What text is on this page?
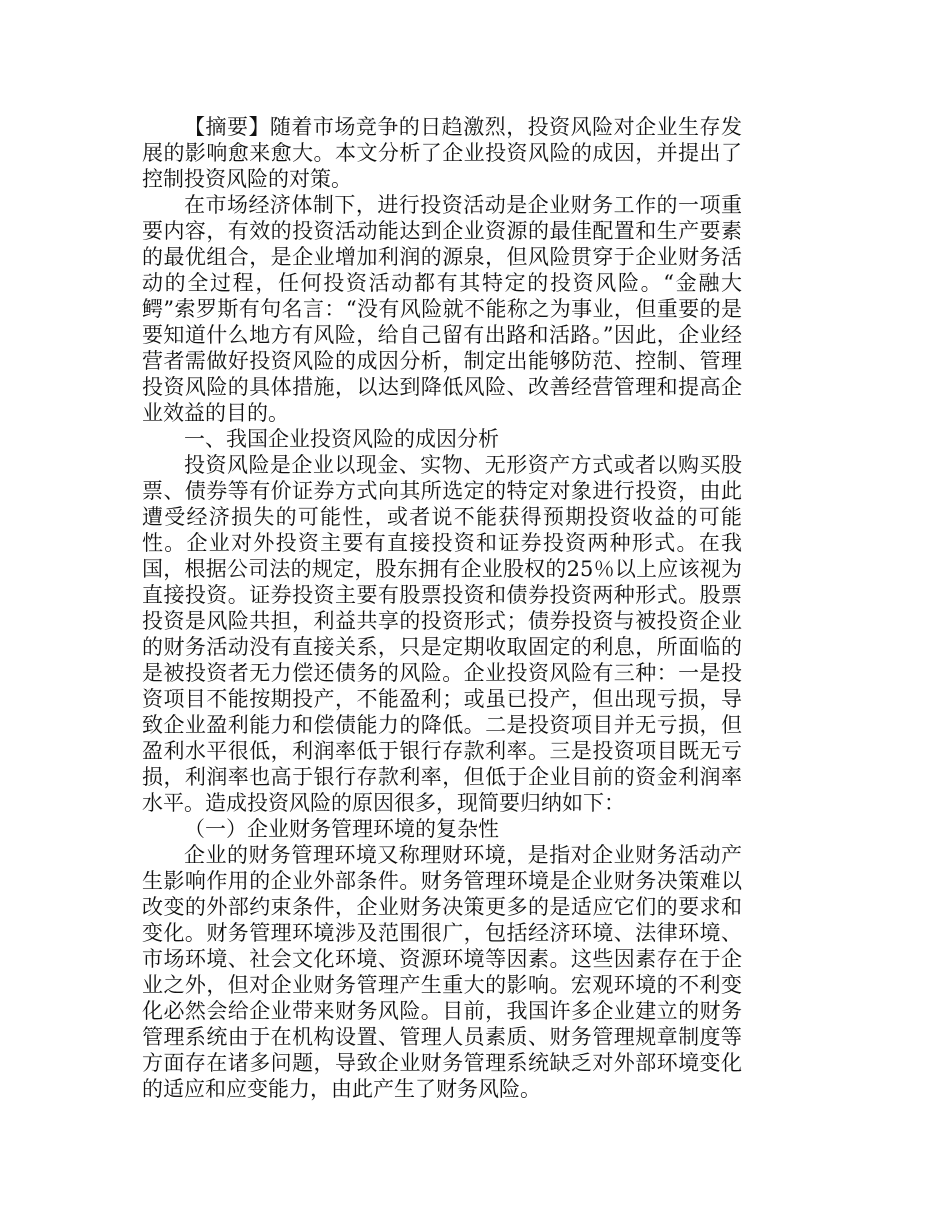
【摘要】随着市场竞争的日趋激烈，投资风险对企业生存发展的影响愈来愈大。本文分析了企业投资风险的成因，并提出了控制投资风险的对策。

在市场经济体制下，进行投资活动是企业财务工作的一项重要内容，有效的投资活动能达到企业资源的最佳配置和生产要素的最优组合，是企业增加利润的源泉，但风险贯穿于企业财务活动的全过程，任何投资活动都有其特定的投资风险。“金融大鳄”索罗斯有句名言：“没有风险就不能称之为事业，但重要的是要知道什么地方有风险，给自己留有出路和活路。”因此，企业经营者需做好投资风险的成因分析，制定出能够防范、控制、管理投资风险的具体措施，以达到降低风险、改善经营管理和提高企业效益的目的。

一、我国企业投资风险的成因分析

投资风险是企业以现金、实物、无形资产方式或者以购买股票、债券等有价证券方式向其所选定的特定对象进行投资，由此遭受经济损失的可能性，或者说不能获得预期投资收益的可能性。企业对外投资主要有直接投资和证券投资两种形式。在我国，根据公司法的规定，股东拥有企业股权的25％以上应该视为直接投资。证券投资主要有股票投资和债券投资两种形式。股票投资是风险共担，利益共享的投资形式；债券投资与被投资企业的财务活动没有直接关系，只是定期收取固定的利息，所面临的是被投资者无力偿还债务的风险。企业投资风险有三种：一是投资项目不能按期投产，不能盈利；或虽已投产，但出现亏损，导致企业盈利能力和偿债能力的降低。二是投资项目并无亏损，但盈利水平很低，利润率低于银行存款利率。三是投资项目既无亏损，利润率也高于银行存款利率，但低于企业目前的资金利润率水平。造成投资风险的原因很多，现简要归纳如下：

（一）企业财务管理环境的复杂性

企业的财务管理环境又称理财环境，是指对企业财务活动产生影响作用的企业外部条件。财务管理环境是企业财务决策难以改变的外部约束条件，企业财务决策更多的是适应它们的要求和变化。财务管理环境涉及范围很广，包括经济环境、法律环境、市场环境、社会文化环境、资源环境等因素。这些因素存在于企业之外，但对企业财务管理产生重大的影响。宏观环境的不利变化必然会给企业带来财务风险。目前，我国许多企业建立的财务管理系统由于在机构设置、管理人员素质、财务管理规章制度等方面存在诸多问题，导致企业财务管理系统缺乏对外部环境变化的适应和应变能力，由此产生了财务风险。
